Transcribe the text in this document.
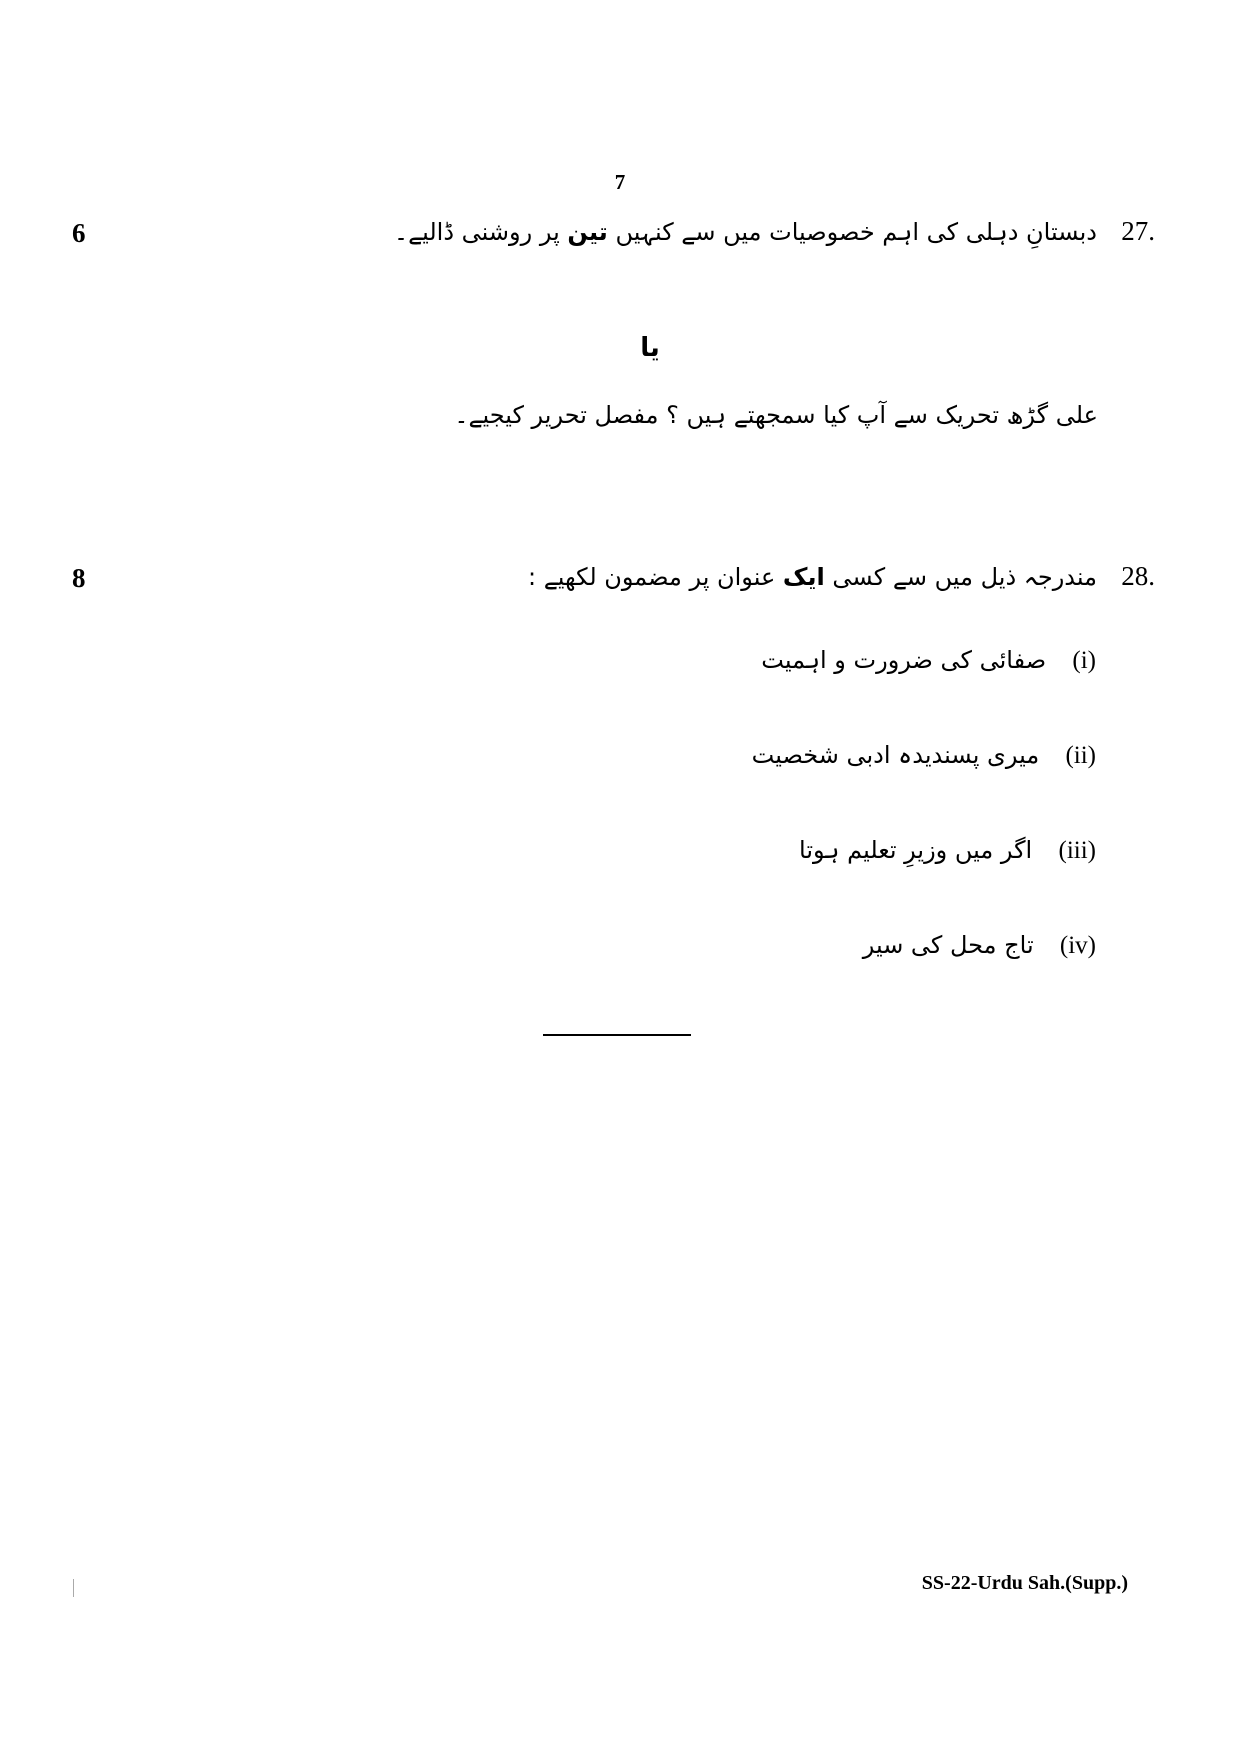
7
6	27. دبستانِ دہلی کی اہم خصوصیات میں سے کنہیں تین پر روشنی ڈالیے۔
یا
علی گڑھ تحریک سے آپ کیا سمجھتے ہیں ؟ مفصل تحریر کیجیے۔
8	28. مندرجہ ذیل میں سے کسی ایک عنوان پر مضمون لکھیے :
(i) صفائی کی ضرورت و اہمیت
(ii) میری پسندیدہ ادبی شخصیت
(iii) اگر میں وزیرِ تعلیم ہوتا
(iv) تاج محل کی سیر
SS-22-Urdu Sah.(Supp.)
